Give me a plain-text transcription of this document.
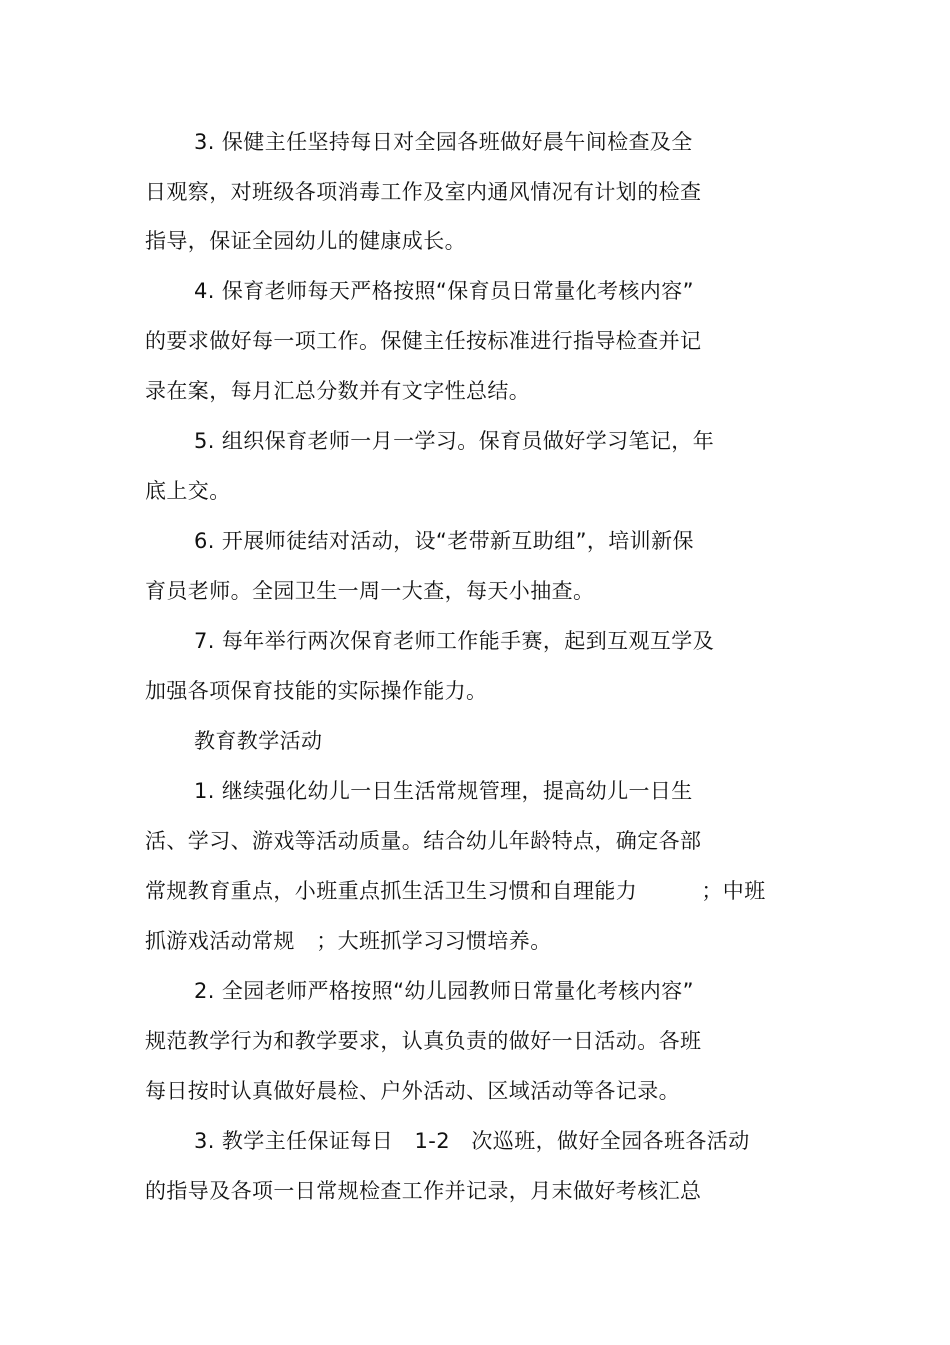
3. 保健主任坚持每日对全园各班做好晨午间检查及全
日观察，对班级各项消毒工作及室内通风情况有计划的检查
指导，保证全园幼儿的健康成长。
4. 保育老师每天严格按照“保育员日常量化考核内容”
的要求做好每一项工作。保健主任按标准进行指导检查并记
录在案，每月汇总分数并有文字性总结。
5. 组织保育老师一月一学习。保育员做好学习笔记，年
底上交。
6. 开展师徒结对活动，设“老带新互助组”，培训新保
育员老师。全园卫生一周一大查，每天小抽查。
7. 每年举行两次保育老师工作能手赛，起到互观互学及
加强各项保育技能的实际操作能力。
教育教学活动
1. 继续强化幼儿一日生活常规管理，提高幼儿一日生
活、学习、游戏等活动质量。结合幼儿年龄特点，确定各部
常规教育重点，小班重点抓生活卫生习惯和自理能力　　　；中班
抓游戏活动常规　；大班抓学习习惯培养。
2. 全园老师严格按照“幼儿园教师日常量化考核内容”
规范教学行为和教学要求，认真负责的做好一日活动。各班
每日按时认真做好晨检、户外活动、区域活动等各记录。
3. 教学主任保证每日　1-2　次巡班，做好全园各班各活动
的指导及各项一日常规检查工作并记录，月末做好考核汇总
